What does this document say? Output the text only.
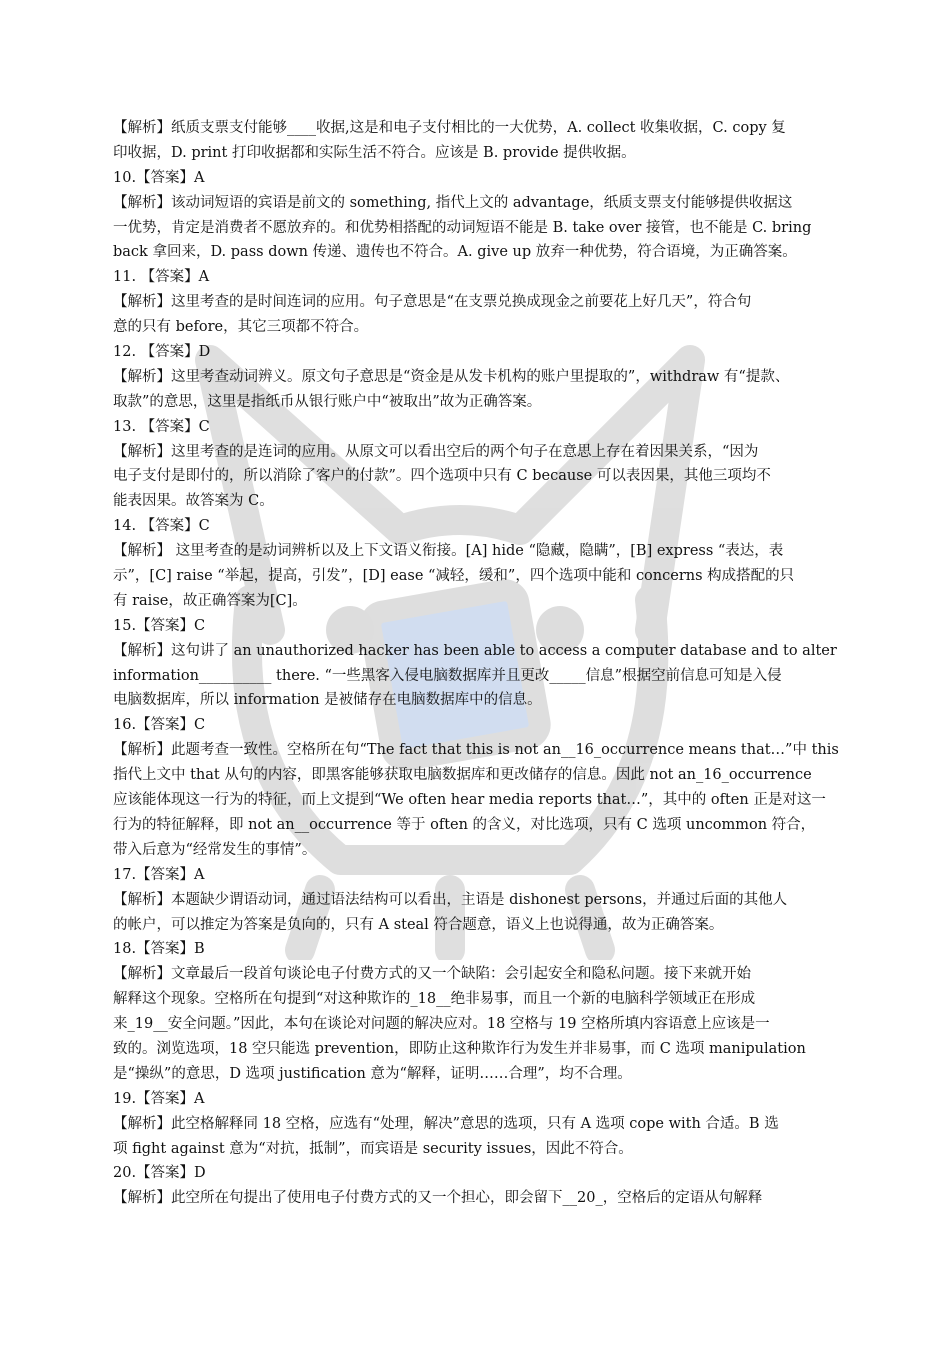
【解析】纸质支票支付能够____收据,这是和电子支付相比的一大优势，A. collect 收集收据，C. copy 复
印收据，D. print 打印收据都和实际生活不符合。应该是 B. provide 提供收据。
10.【答案】A
【解析】该动词短语的宾语是前文的 something, 指代上文的 advantage，纸质支票支付能够提供收据这
一优势，肯定是消费者不愿放弃的。和优势相搭配的动词短语不能是 B. take over 接管，也不能是 C. bring
back 拿回来，D. pass down 传递、遗传也不符合。A. give up 放弃一种优势，符合语境，为正确答案。
11. 【答案】A
【解析】这里考查的是时间连词的应用。句子意思是“在支票兑换成现金之前要花上好几天”，符合句
意的只有 before，其它三项都不符合。
12. 【答案】D
【解析】这里考查动词辨义。原文句子意思是“资金是从发卡机构的账户里提取的”，withdraw 有“提款、
取款”的意思，这里是指纸币从银行账户中“被取出”故为正确答案。
13. 【答案】C
【解析】这里考查的是连词的应用。从原文可以看出空后的两个句子在意思上存在着因果关系，“因为
电子支付是即付的，所以消除了客户的付款”。四个选项中只有 C because 可以表因果，其他三项均不
能表因果。故答案为 C。
14. 【答案】C
【解析】 这里考查的是动词辨析以及上下文语义衔接。[A] hide “隐藏，隐瞒”，[B] express “表达，表
示”，[C] raise “举起，提高，引发”，[D] ease “减轻，缓和”，四个选项中能和 concerns 构成搭配的只
有 raise，故正确答案为[C]。
15.【答案】C
【解析】这句讲了 an unauthorized hacker has been able to access a computer database and to alter
information__________ there. “一些黑客入侵电脑数据库并且更改_____信息”根据空前信息可知是入侵
电脑数据库，所以 information 是被储存在电脑数据库中的信息。
16.【答案】C
【解析】此题考查一致性。空格所在句“The fact that this is not an__16_occurrence means that…”中 this
指代上文中 that 从句的内容，即黑客能够获取电脑数据库和更改储存的信息。因此 not an_16_occurrence
应该能体现这一行为的特征，而上文提到“We often hear media reports that…”，其中的 often 正是对这一
行为的特征解释，即 not an__occurrence 等于 often 的含义，对比选项，只有 C 选项 uncommon 符合，
带入后意为“经常发生的事情”。
17.【答案】A
【解析】本题缺少谓语动词，通过语法结构可以看出，主语是 dishonest persons，并通过后面的其他人
的帐户，可以推定为答案是负向的，只有 A steal 符合题意，语义上也说得通，故为正确答案。
18.【答案】B
【解析】文章最后一段首句谈论电子付费方式的又一个缺陷：会引起安全和隐私问题。接下来就开始
解释这个现象。空格所在句提到“对这种欺诈的_18__绝非易事，而且一个新的电脑科学领域正在形成
来_19__安全问题。”因此，本句在谈论对问题的解决应对。18 空格与 19 空格所填内容语意上应该是一
致的。浏览选项，18 空只能选 prevention，即防止这种欺诈行为发生并非易事，而 C 选项 manipulation
是“操纵”的意思，D 选项 justification 意为“解释，证明……合理”，均不合理。
19.【答案】A
【解析】此空格解释同 18 空格，应选有“处理，解决”意思的选项，只有 A 选项 cope with 合适。B 选
项 fight against 意为“对抗，抵制”，而宾语是 security issues，因此不符合。
20.【答案】D
【解析】此空所在句提出了使用电子付费方式的又一个担心，即会留下__20_，空格后的定语从句解释
